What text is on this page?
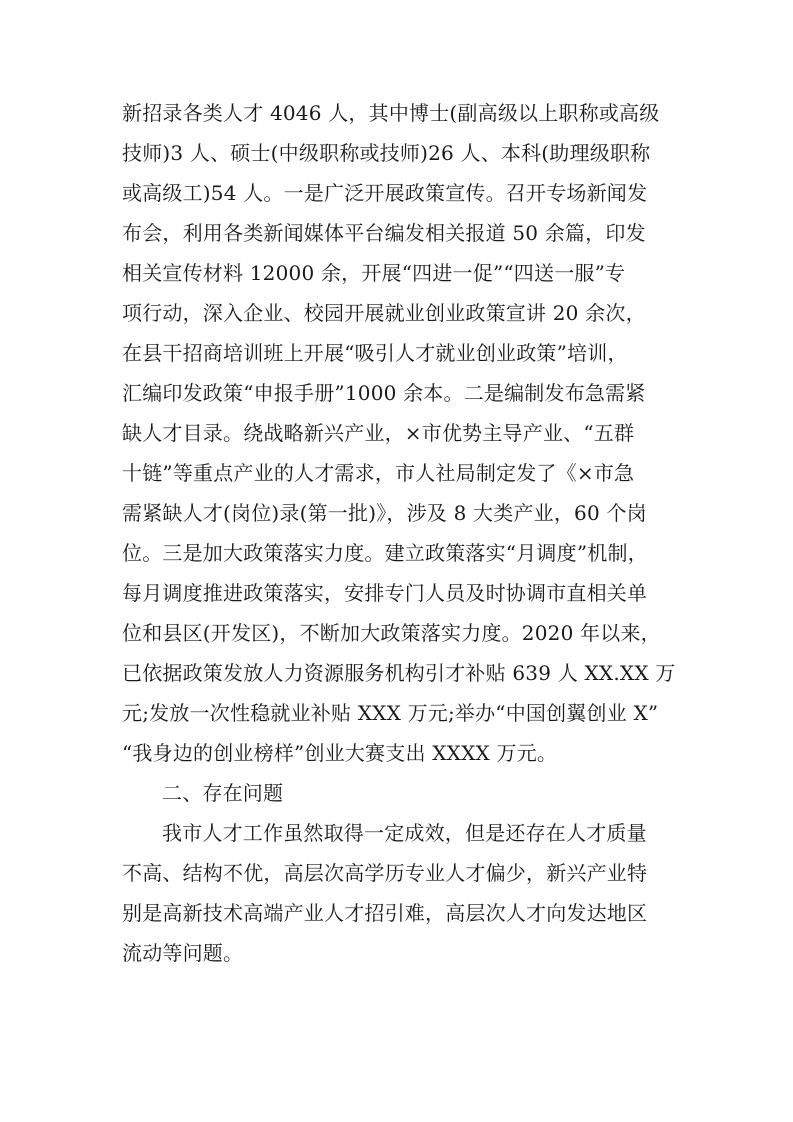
新招录各类人才 4046 人，其中博士(副高级以上职称或高级
技师)3 人、硕士(中级职称或技师)26 人、本科(助理级职称
或高级工)54 人。一是广泛开展政策宣传。召开专场新闻发
布会，利用各类新闻媒体平台编发相关报道 50 余篇，印发
相关宣传材料 12000 余，开展“四进一促”“四送一服”专
项行动，深入企业、校园开展就业创业政策宣讲 20 余次，
在县干招商培训班上开展“吸引人才就业创业政策”培训，
汇编印发政策“申报手册”1000 余本。二是编制发布急需紧
缺人才目录。绕战略新兴产业，×市优势主导产业、“五群
十链”等重点产业的人才需求，市人社局制定发了《×市急
需紧缺人才(岗位)录(第一批)》，涉及 8 大类产业，60 个岗
位。三是加大政策落实力度。建立政策落实“月调度”机制，
每月调度推进政策落实，安排专门人员及时协调市直相关单
位和县区(开发区)，不断加大政策落实力度。2020 年以来，
已依据政策发放人力资源服务机构引才补贴 639 人 XX.XX 万
元;发放一次性稳就业补贴 XXX 万元;举办“中国创翼创业 X”
“我身边的创业榜样”创业大赛支出 XXXX 万元。
二、存在问题
我市人才工作虽然取得一定成效，但是还存在人才质量
不高、结构不优，高层次高学历专业人才偏少，新兴产业特
别是高新技术高端产业人才招引难，高层次人才向发达地区
流动等问题。
